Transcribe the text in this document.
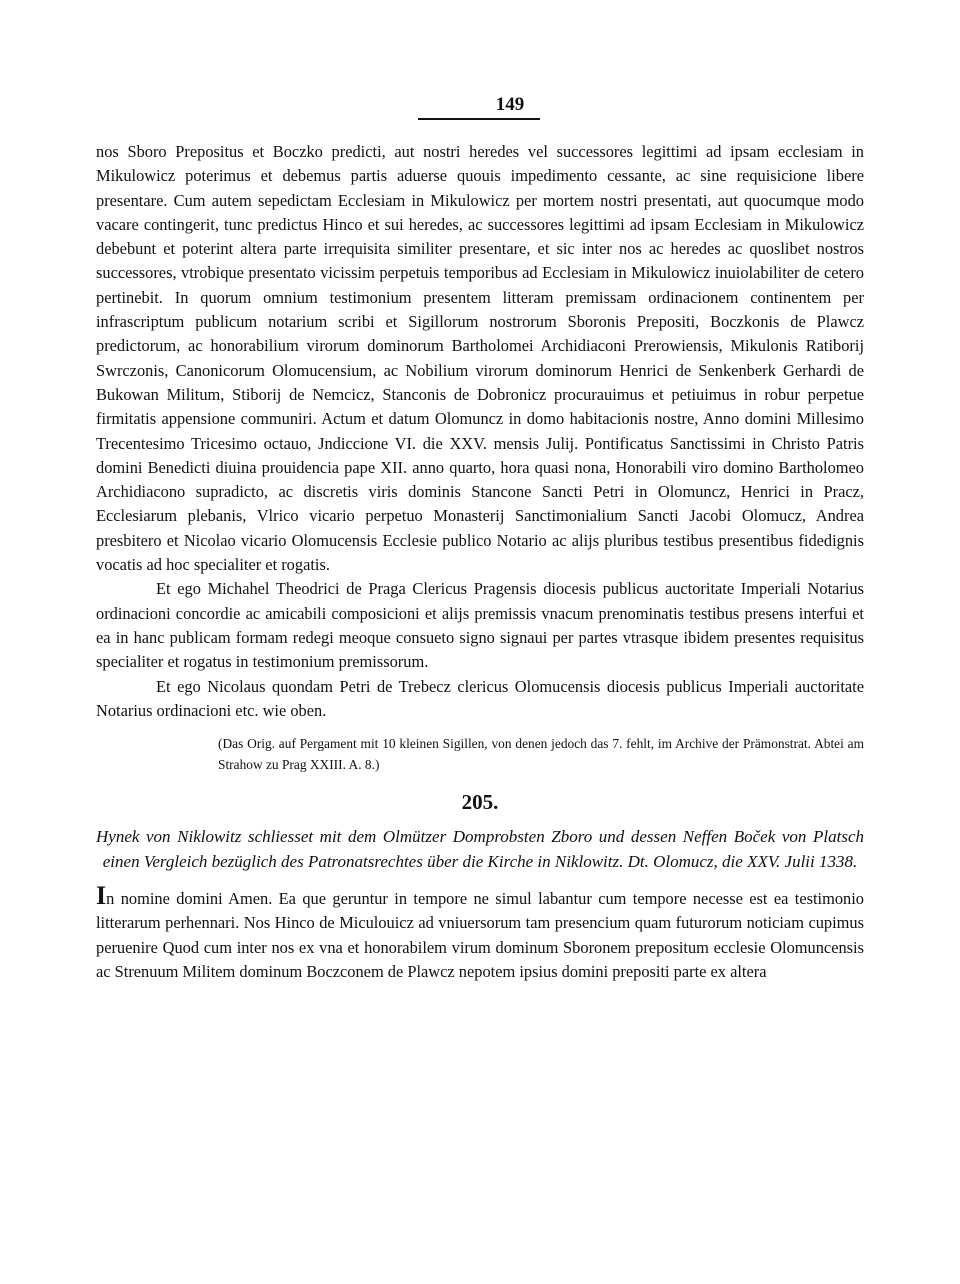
149

nos Sboro Prepositus et Boczko predicti, aut nostri heredes vel successores legittimi ad ipsam ecclesiam in Mikulowicz poterimus et debemus partis aduerse quouis impedimento cessante, ac sine requisicione libere presentare. Cum autem sepedictam Ecclesiam in Mikulowicz per mortem nostri presentati, aut quocumque modo vacare contingerit, tunc predictus Hinco et sui heredes, ac successores legittimi ad ipsam Ecclesiam in Mikulowicz debebunt et poterint altera parte irrequisita similiter presentare, et sic inter nos ac heredes ac quoslibet nostros successores, vtrobique presentato vicissim perpetuis temporibus ad Ecclesiam in Mikulowicz inuiolabiliter de cetero pertinebit. In quorum omnium testimonium presentem litteram premissam ordinacionem continentem per infrascriptum publicum notarium scribi et Sigillorum nostrorum Sboronis Prepositi, Boczkonis de Plawcz predictorum, ac honorabilium virorum dominorum Bartholomei Archidiaconi Prerowiensis, Mikulonis Ratiborij Swrczonis, Canonicorum Olomucensium, ac Nobilium virorum dominorum Henrici de Senkenberk Gerhardi de Bukowan Militum, Stiborij de Nemcicz, Stanconis de Dobronicz procurauimus et petiuimus in robur perpetue firmitatis appensione communiri. Actum et datum Olomuncz in domo habitacionis nostre, Anno domini Millesimo Trecentesimo Tricesimo octauo, Jndiccione VI. die XXV. mensis Julij. Pontificatus Sanctissimi in Christo Patris domini Benedicti diuina prouidencia pape XII. anno quarto, hora quasi nona, Honorabili viro domino Bartholomeo Archidiacono supradicto, ac discretis viris dominis Stancone Sancti Petri in Olomuncz, Henrici in Pracz, Ecclesiarum plebanis, Vlrico vicario perpetuo Monasterij Sanctimonialium Sancti Jacobi Olomucz, Andrea presbitero et Nicolao vicario Olomucensis Ecclesie publico Notario ac alijs pluribus testibus presentibus fidedignis vocatis ad hoc specialiter et rogatis.

Et ego Michahel Theodrici de Praga Clericus Pragensis diocesis publicus auctoritate Imperiali Notarius ordinacioni concordie ac amicabili composicioni et alijs premissis vnacum prenominatis testibus presens interfui et ea in hanc publicam formam redegi meoque consueto signo signaui per partes vtrasque ibidem presentes requisitus specialiter et rogatus in testimonium premissorum.

Et ego Nicolaus quondam Petri de Trebecz clericus Olomucensis diocesis publicus Imperiali auctoritate Notarius ordinacioni etc. wie oben.

(Das Orig. auf Pergament mit 10 kleinen Sigillen, von denen jedoch das 7. fehlt, im Archive der Prämonstrat. Abtei am Strahow zu Prag XXIII. A. 8.)

205.

Hynek von Niklowitz schliesset mit dem Olmützer Domprobsten Zboro und dessen Neffen Boček von Platsch einen Vergleich bezüglich des Patronatsrechtes über die Kirche in Niklowitz. Dt. Olomucz, die XXV. Julii 1338.

In nomine domini Amen. Ea que geruntur in tempore ne simul labantur cum tempore necesse est ea testimonio litterarum perhennari. Nos Hinco de Miculouicz ad vniuersorum tam presencium quam futurorum noticiam cupimus peruenire Quod cum inter nos ex vna et honorabilem virum dominum Sboronem prepositum ecclesie Olomuncensis ac Strenuum Militem dominum Boczconem de Plawcz nepotem ipsius domini prepositi parte ex altera
